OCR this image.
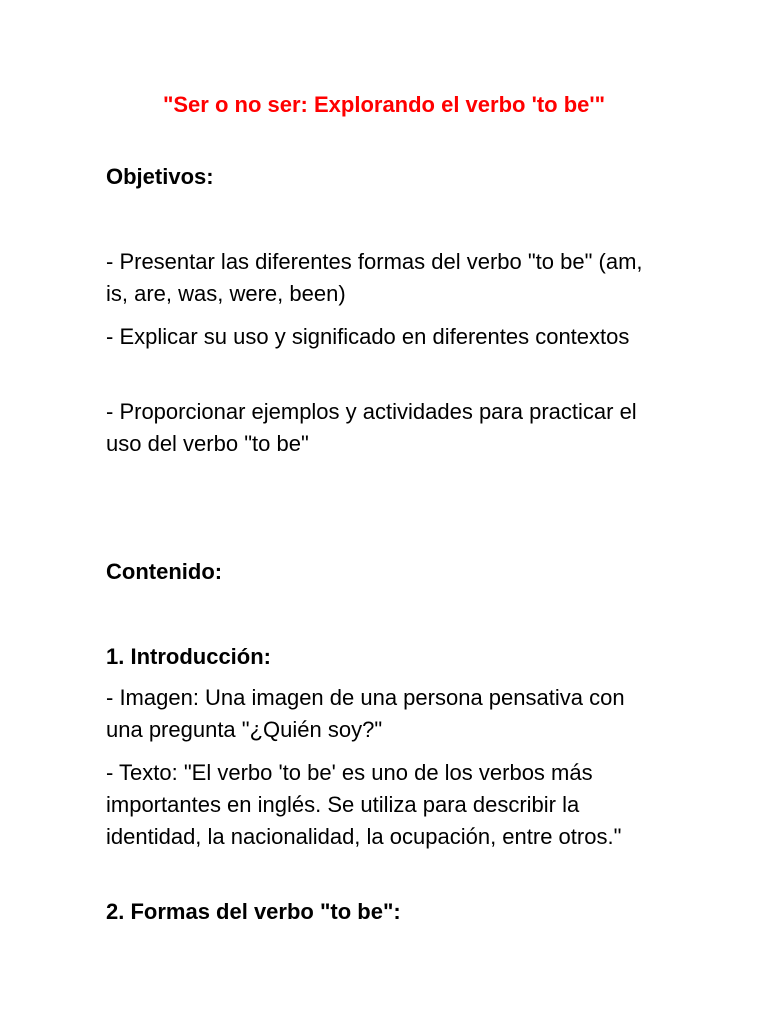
"Ser o no ser: Explorando el verbo 'to be'"

Objetivos:

- Presentar las diferentes formas del verbo "to be" (am, is, are, was, were, been)

- Explicar su uso y significado en diferentes contextos

- Proporcionar ejemplos y actividades para practicar el uso del verbo "to be"

Contenido:

1. Introducción:

- Imagen: Una imagen de una persona pensativa con una pregunta "¿Quién soy?"

- Texto: "El verbo 'to be' es uno de los verbos más importantes en inglés. Se utiliza para describir la identidad, la nacionalidad, la ocupación, entre otros."

2. Formas del verbo "to be":
